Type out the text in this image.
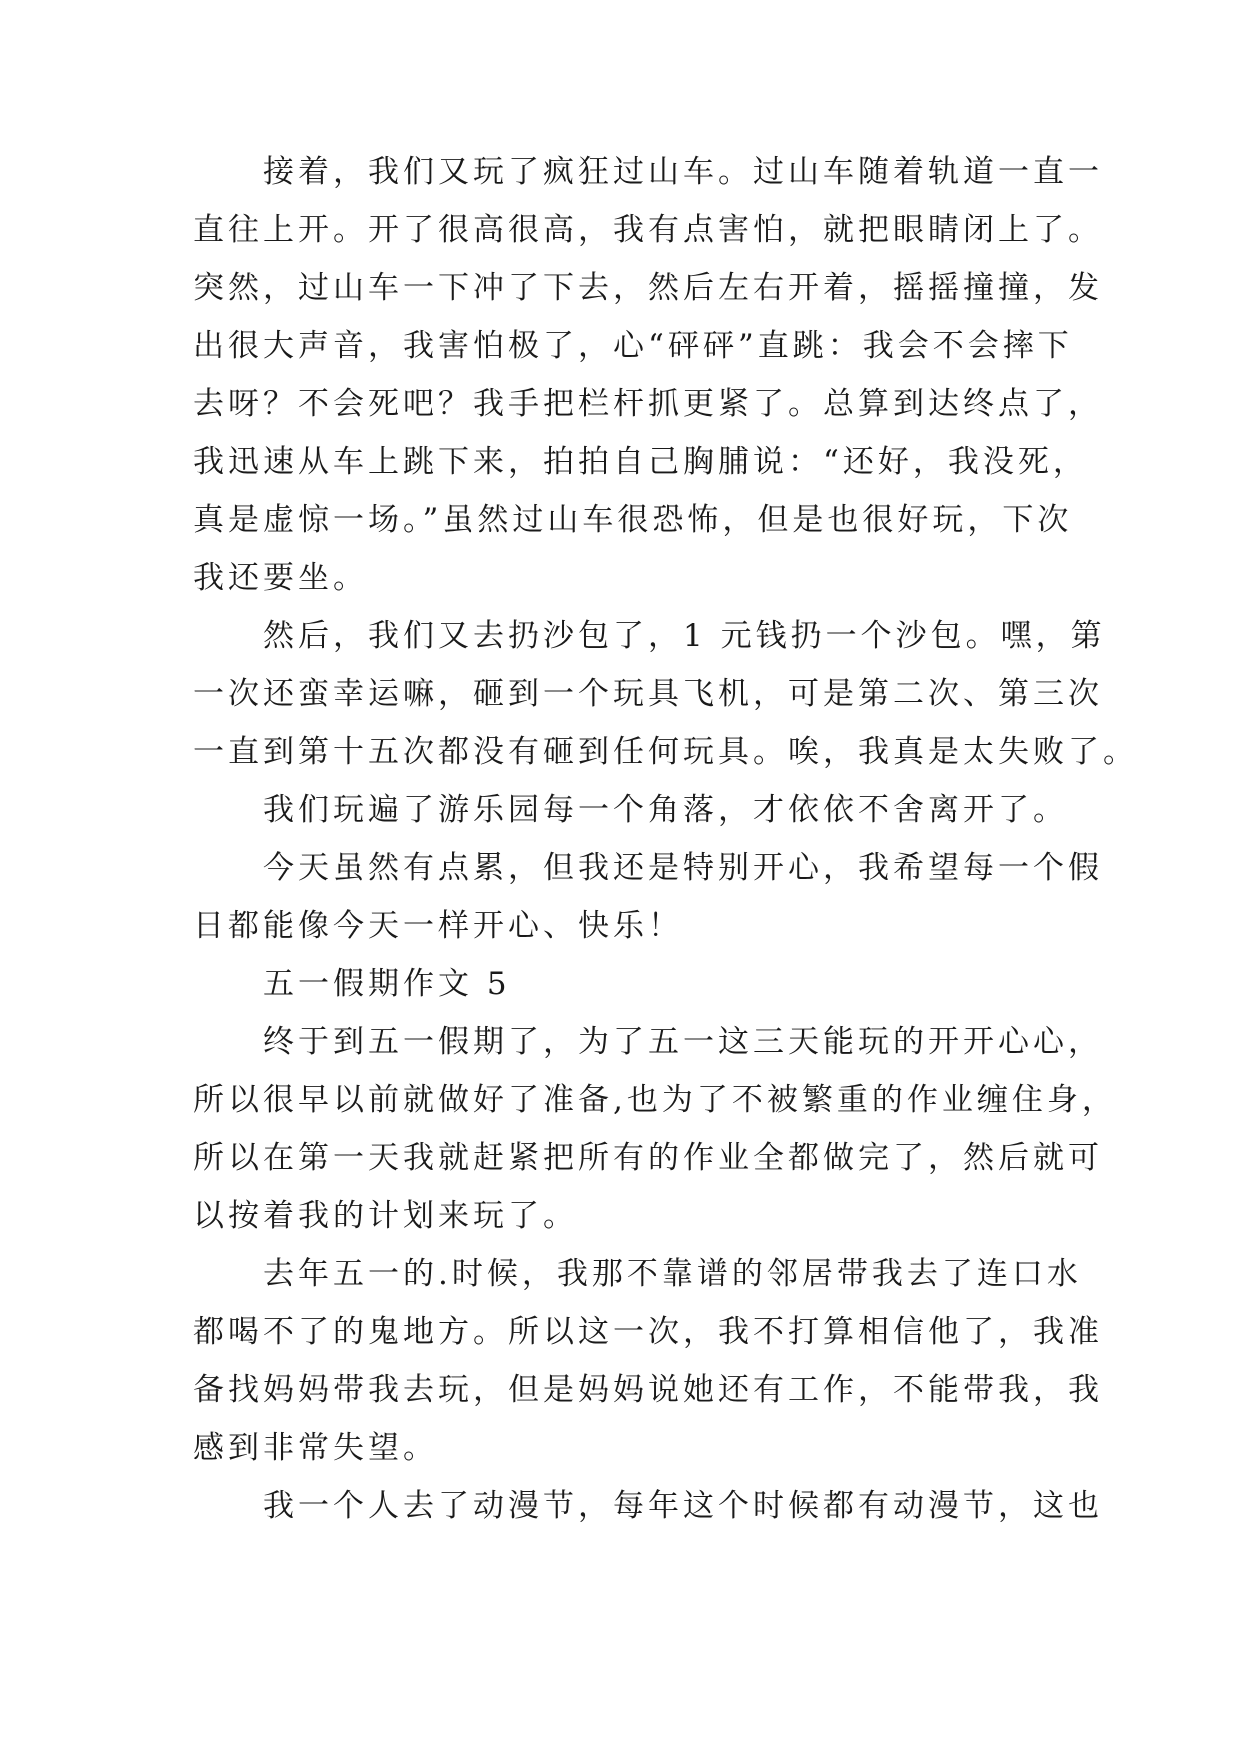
　　接着，我们又玩了疯狂过山车。过山车随着轨道一直一
直往上开。开了很高很高，我有点害怕，就把眼睛闭上了。
突然，过山车一下冲了下去，然后左右开着，摇摇撞撞，发
出很大声音，我害怕极了，心“砰砰”直跳：我会不会摔下
去呀？不会死吧？我手把栏杆抓更紧了。总算到达终点了，
我迅速从车上跳下来，拍拍自己胸脯说：“还好，我没死，
真是虚惊一场。”虽然过山车很恐怖，但是也很好玩，下次
我还要坐。
　　然后，我们又去扔沙包了，1 元钱扔一个沙包。嘿，第
一次还蛮幸运嘛，砸到一个玩具飞机，可是第二次、第三次
一直到第十五次都没有砸到任何玩具。唉，我真是太失败了。
　　我们玩遍了游乐园每一个角落，才依依不舍离开了。
　　今天虽然有点累，但我还是特别开心，我希望每一个假
日都能像今天一样开心、快乐！
　　五一假期作文 5
　　终于到五一假期了，为了五一这三天能玩的开开心心，
所以很早以前就做好了准备,也为了不被繁重的作业缠住身，
所以在第一天我就赶紧把所有的作业全都做完了，然后就可
以按着我的计划来玩了。
　　去年五一的.时候，我那不靠谱的邻居带我去了连口水
都喝不了的鬼地方。所以这一次，我不打算相信他了，我准
备找妈妈带我去玩，但是妈妈说她还有工作，不能带我，我
感到非常失望。
　　我一个人去了动漫节，每年这个时候都有动漫节，这也
